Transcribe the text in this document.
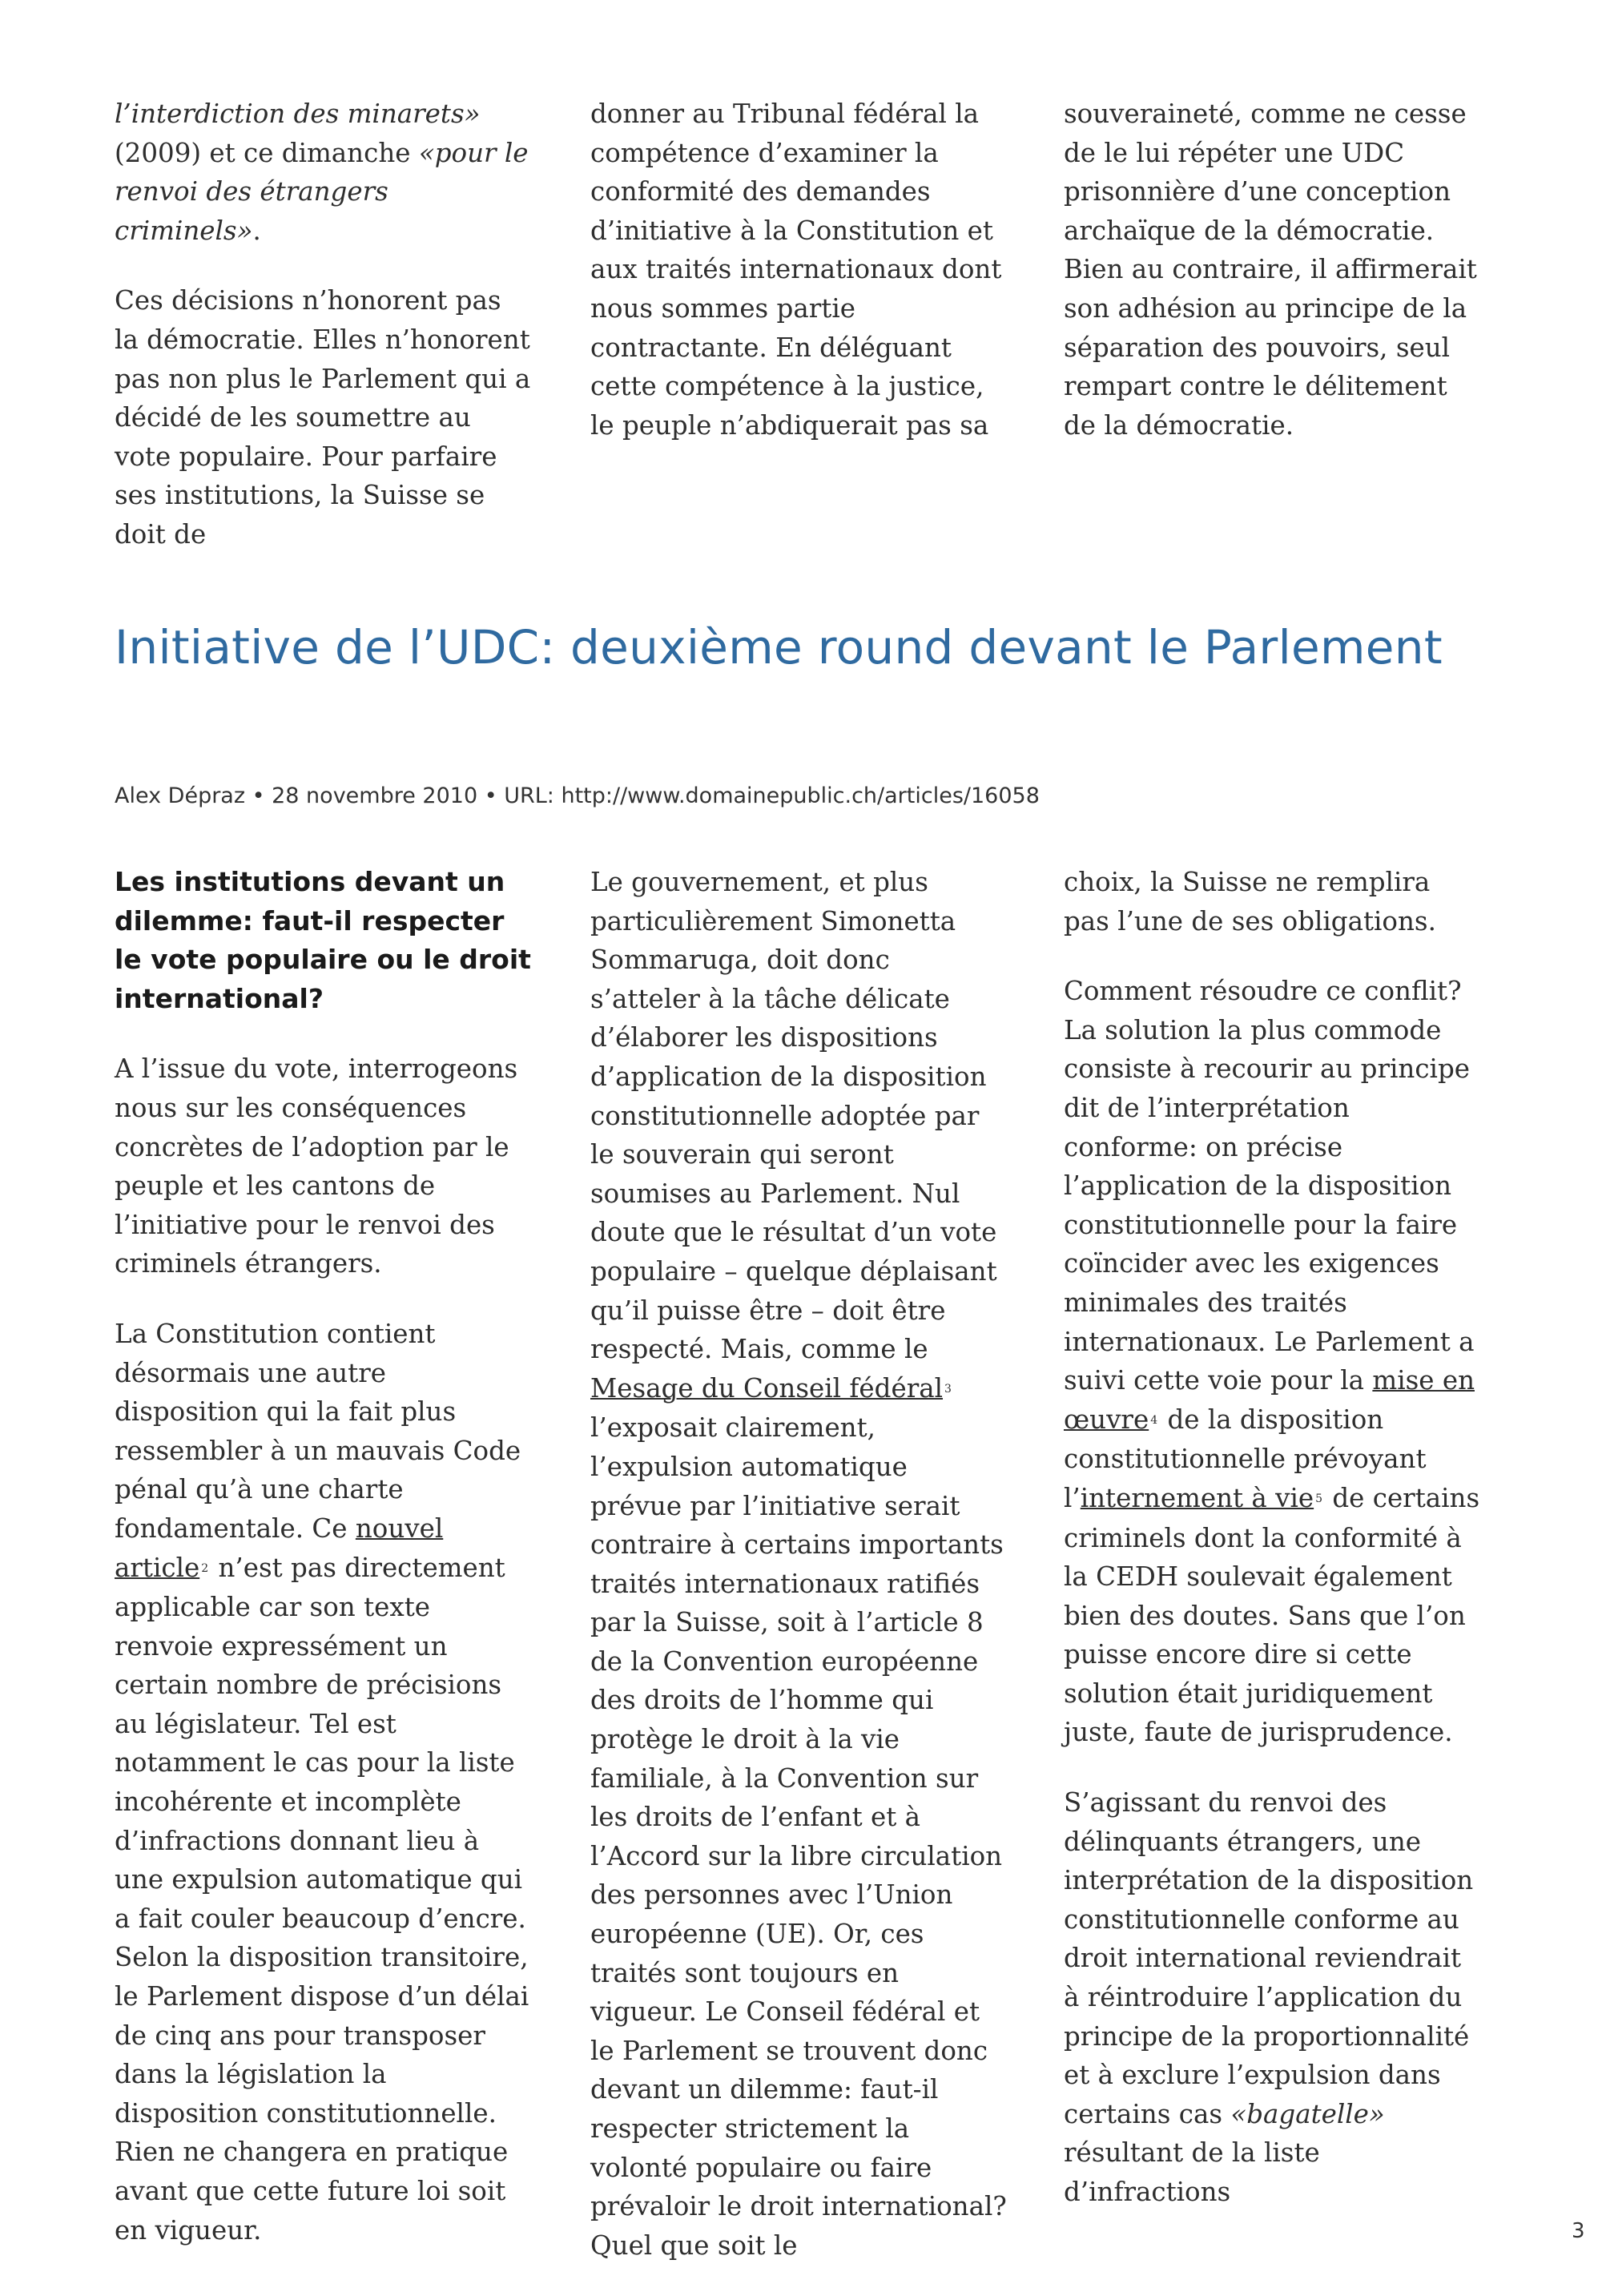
l’interdiction des minarets»
(2009) et ce dimanche «pour le renvoi des étrangers criminels».

Ces décisions n’honorent pas la démocratie. Elles n’honorent pas non plus le Parlement qui a décidé de les soumettre au vote populaire. Pour parfaire ses institutions, la Suisse se doit de

donner au Tribunal fédéral la compétence d’examiner la conformité des demandes d’initiative à la Constitution et aux traités internationaux dont nous sommes partie contractante. En déléguant cette compétence à la justice, le peuple n’abdiquerait pas sa

souveraineté, comme ne cesse de le lui répéter une UDC prisonnière d’une conception archaïque de la démocratie. Bien au contraire, il affirmerait son adhésion au principe de la séparation des pouvoirs, seul rempart contre le délitement de la démocratie.

Initiative de l’UDC: deuxième round devant le Parlement
Alex Dépraz • 28 novembre 2010 • URL: http://www.domainepublic.ch/articles/16058

Les institutions devant un dilemme: faut-il respecter le vote populaire ou le droit international?

A l’issue du vote, interrogeons nous sur les conséquences concrètes de l’adoption par le peuple et les cantons de l’initiative pour le renvoi des criminels étrangers.

La Constitution contient désormais une autre disposition qui la fait plus ressembler à un mauvais Code pénal qu’à une charte fondamentale. Ce nouvel article $^2$ n’est pas directement applicable car son texte renvoie expressément un certain nombre de précisions au législateur. Tel est notamment le cas pour la liste incohérente et incomplète d’infractions donnant lieu à une expulsion automatique qui a fait couler beaucoup d’encre. Selon la disposition transitoire, le Parlement dispose d’un délai de cinq ans pour transposer dans la législation la disposition constitutionnelle. Rien ne changera en pratique avant que cette future loi soit en vigueur.

Le gouvernement, et plus particulièrement Simonetta Sommaruga, doit donc s’atteler à la tâche délicate d’élaborer les dispositions d’application de la disposition constitutionnelle adoptée par le souverain qui seront soumises au Parlement. Nul doute que le résultat d’un vote populaire – quelque déplaisant qu’il puisse être – doit être respecté. Mais, comme le Mesage du Conseil fédéral $^3$ l’exposait clairement, l’expulsion automatique prévue par l’initiative serait contraire à certains importants traités internationaux ratifiés par la Suisse, soit à l’article 8 de la Convention européenne des droits de l’homme qui protège le droit à la vie familiale, à la Convention sur les droits de l’enfant et à l’Accord sur la libre circulation des personnes avec l’Union européenne (UE). Or, ces traités sont toujours en vigueur. Le Conseil fédéral et le Parlement se trouvent donc devant un dilemme: faut-il respecter strictement la volonté populaire ou faire prévaloir le droit international? Quel que soit le

choix, la Suisse ne remplira pas l’une de ses obligations.

Comment résoudre ce conflit? La solution la plus commode consiste à recourir au principe dit de l’interprétation conforme: on précise l’application de la disposition constitutionnelle pour la faire coïncider avec les exigences minimales des traités internationaux. Le Parlement a suivi cette voie pour la mise en œuvre $^4$ de la disposition constitutionnelle prévoyant l’internement à vie $^5$ de certains criminels dont la conformité à la CEDH soulevait également bien des doutes. Sans que l’on puisse encore dire si cette solution était juridiquement juste, faute de jurisprudence.

S’agissant du renvoi des délinquants étrangers, une interprétation de la disposition constitutionnelle conforme au droit international reviendrait à réintroduire l’application du principe de la proportionnalité et à exclure l’expulsion dans certains cas «bagatelle» résultant de la liste d’infractions

3
